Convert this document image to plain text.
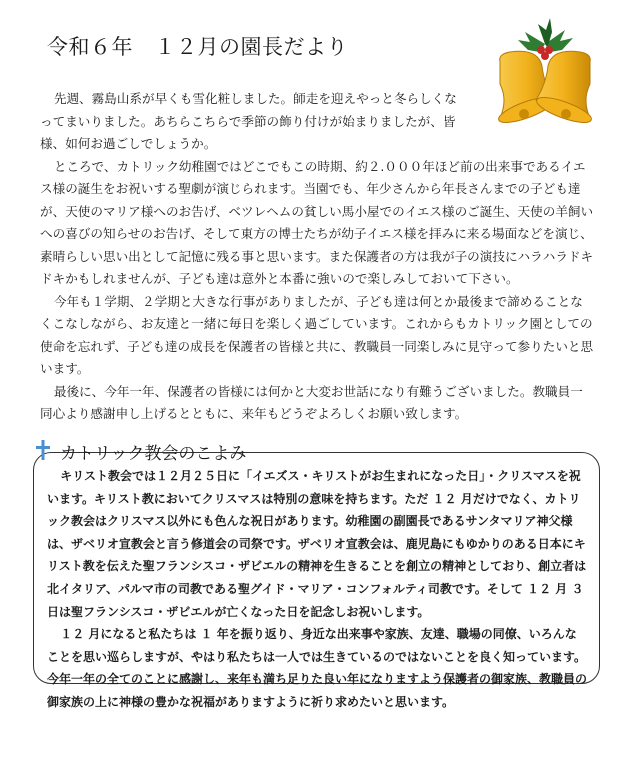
令和６年　１２月の園長だより

先週、霧島山系が早くも雪化粧しました。師走を迎えやっと冬らしくなってまいりました。あちらこちらで季節の飾り付けが始まりましたが、皆様、如何お過ごしでしょうか。

ところで、カトリック幼稚園ではどこでもこの時期、約２.０００年ほど前の出来事であるイエス様の誕生をお祝いする聖劇が演じられます。当園でも、年少さんから年長さんまでの子ども達が、天使のマリア様へのお告げ、ベツレヘムの貧しい馬小屋でのイエス様のご誕生、天使の羊飼いへの喜びの知らせのお告げ、そして東方の博士たちが幼子イエス様を拝みに来る場面などを演じ、素晴らしい思い出として記憶に残る事と思います。また保護者の方は我が子の演技にハラハラドキドキかもしれませんが、子ども達は意外と本番に強いので楽しみしておいて下さい。

今年も１学期、２学期と大きな行事がありましたが、子ども達は何とか最後まで諦めることなくこなしながら、お友達と一緒に毎日を楽しく過ごしています。これからもカトリック園としての使命を忘れず、子ども達の成長を保護者の皆様と共に、教職員一同楽しみに見守って参りたいと思います。

最後に、今年一年、保護者の皆様には何かと大変お世話になり有難うございました。教職員一同心より感謝申し上げるとともに、来年もどうぞよろしくお願い致します。

カトリック教会のこよみ

キリスト教会では１２月２５日に「イエズス・キリストがお生まれになった日」・クリスマスを祝います。キリスト教においてクリスマスは特別の意味を持ちます。ただ １２ 月だけでなく、カトリック教会はクリスマス以外にも色んな祝日があります。幼稚園の副園長であるサンタマリア神父様は、ザベリオ宣教会と言う修道会の司祭です。ザベリオ宣教会は、鹿児島にもゆかりのある日本にキリスト教を伝えた聖フランシスコ・ザビエルの精神を生きることを創立の精神としており、創立者は北イタリア、パルマ市の司教である聖グイド・マリア・コンフォルティ司教です。そして １２ 月 ３ 日は聖フランシスコ・ザビエルが亡くなった日を記念しお祝いします。

１２ 月になると私たちは １ 年を振り返り、身近な出来事や家族、友達、職場の同僚、いろんなことを思い巡らしますが、やはり私たちは一人では生きているのではないことを良く知っています。今年一年の全てのことに感謝し、来年も満ち足りた良い年になりますよう保護者の御家族、教職員の御家族の上に神様の豊かな祝福がありますように祈り求めたいと思います。
